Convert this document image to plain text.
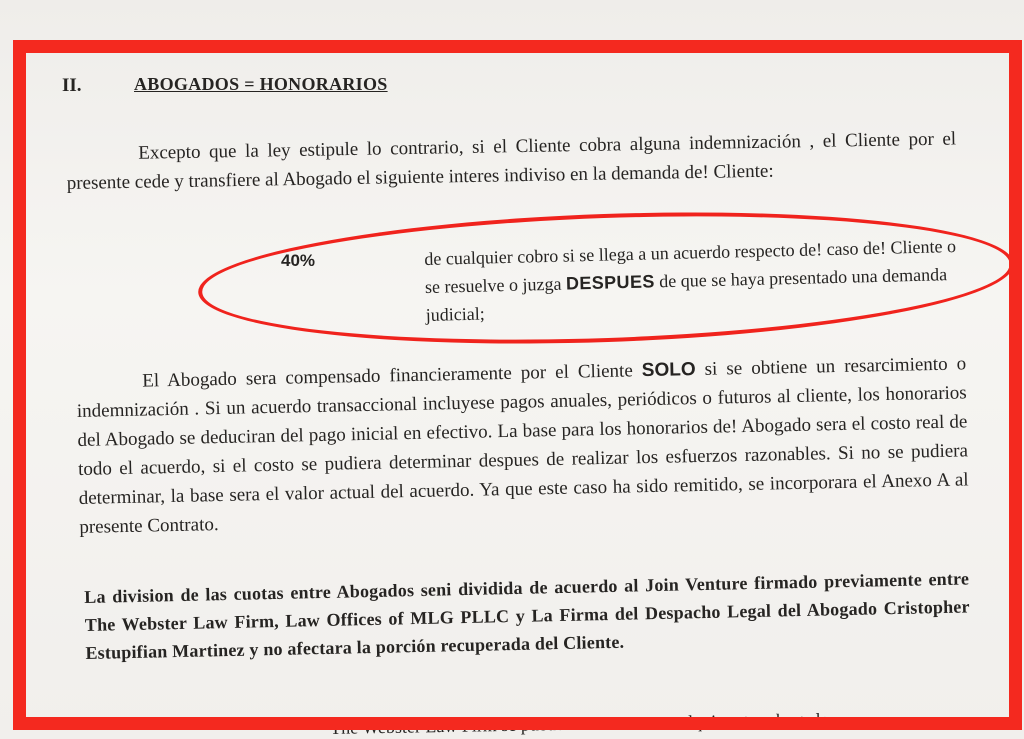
II.	ABOGADOS = HONORARIOS
Excepto que la ley estipule lo contrario, si el Cliente cobra alguna indemnización , el Cliente por el presente cede y transfiere al Abogado el siguiente interes indiviso en la demanda de! Cliente:
40%	de cualquier cobro si se llega a un acuerdo respecto de! caso de! Cliente o se resuelve o juzga DESPUES de que se haya presentado una demanda judicial;
El Abogado sera compensado financieramente por el Cliente SOLO si se obtiene un resarcimiento o indemnización . Si un acuerdo transaccional incluyese pagos anuales, periódicos o futuros al cliente, los honorarios del Abogado se deduciran del pago inicial en efectivo. La base para los honorarios de! Abogado sera el costo real de todo el acuerdo, si el costo se pudiera determinar despues de realizar los esfuerzos razonables. Si no se pudiera determinar, la base sera el valor actual del acuerdo. Ya que este caso ha sido remitido, se incorporara el Anexo A al presente Contrato.
La division de las cuotas entre Abogados seni dividida de acuerdo al Join Venture firmado previamente entre The Webster Law Firm, Law Offices of MLG PLLC y La Firma del Despacho Legal del Abogado Cristopher Estupifian Martinez y no afectara la porción recuperada del Cliente.
The Webster Law Firm se pueden asociar con cualquier otro abogado
